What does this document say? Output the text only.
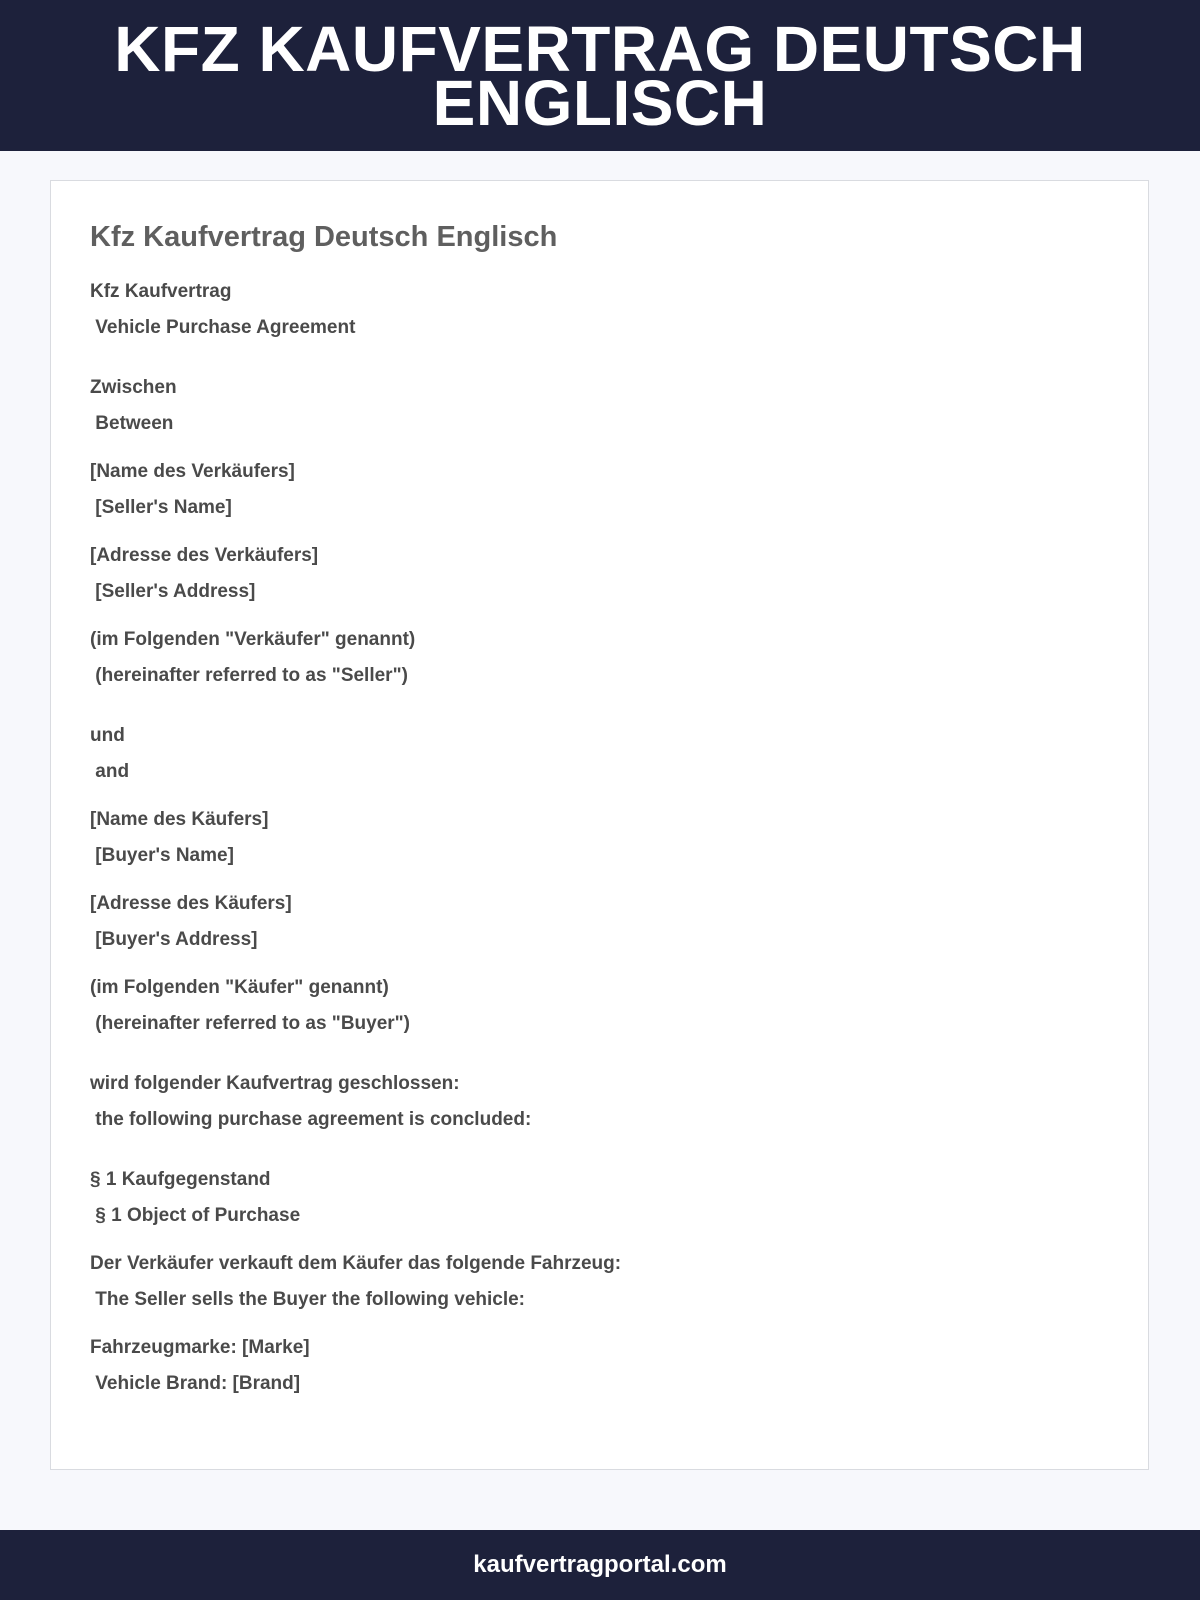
KFZ KAUFVERTRAG DEUTSCH ENGLISCH
Kfz Kaufvertrag Deutsch Englisch
Kfz Kaufvertrag
Vehicle Purchase Agreement
Zwischen
Between
[Name des Verkäufers]
[Seller's Name]
[Adresse des Verkäufers]
[Seller's Address]
(im Folgenden "Verkäufer" genannt)
(hereinafter referred to as "Seller")
und
and
[Name des Käufers]
[Buyer's Name]
[Adresse des Käufers]
[Buyer's Address]
(im Folgenden "Käufer" genannt)
(hereinafter referred to as "Buyer")
wird folgender Kaufvertrag geschlossen:
the following purchase agreement is concluded:
§ 1 Kaufgegenstand
§ 1 Object of Purchase
Der Verkäufer verkauft dem Käufer das folgende Fahrzeug:
The Seller sells the Buyer the following vehicle:
Fahrzeugmarke: [Marke]
Vehicle Brand: [Brand]
kaufvertragportal.com
